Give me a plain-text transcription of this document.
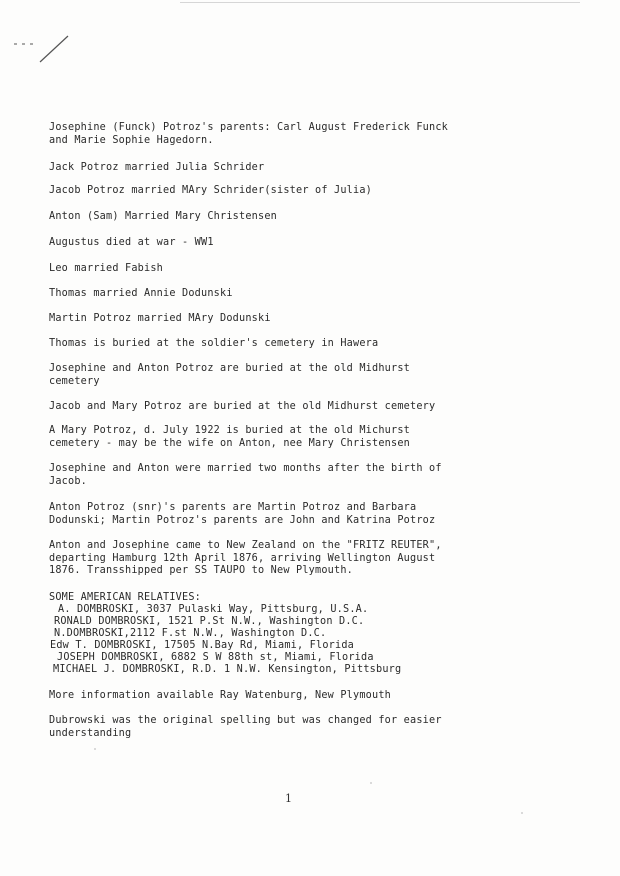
Josephine (Funck) Potroz's parents: Carl August Frederick Funck
and Marie Sophie Hagedorn.

Jack Potroz married Julia Schrider

Jacob Potroz married MAry Schrider(sister of Julia)

Anton (Sam) Married Mary Christensen

Augustus died at war - WW1

Leo married Fabish

Thomas married Annie Dodunski

Martin Potroz married MAry Dodunski

Thomas is buried at the soldier's cemetery in Hawera

Josephine and Anton Potroz are buried at the old Midhurst
cemetery

Jacob and Mary Potroz are buried at the old Midhurst cemetery

A Mary Potroz, d. July 1922 is buried at the old Michurst
cemetery - may be the wife on Anton, nee Mary Christensen

Josephine and Anton were married two months after the birth of
Jacob.

Anton Potroz (snr)'s parents are Martin Potroz and Barbara
Dodunski; Martin Potroz's parents are John and Katrina Potroz

Anton and Josephine came to New Zealand on the "FRITZ REUTER",
departing Hamburg 12th April 1876, arriving Wellington August
1876. Transshipped per SS TAUPO to New Plymouth.

SOME AMERICAN RELATIVES:

A. DOMBROSKI, 3037 Pulaski Way, Pittsburg, U.S.A.

RONALD DOMBROSKI, 1521 P.St N.W., Washington D.C.

N.DOMBROSKI,2112 F.st N.W., Washington D.C.

Edw T. DOMBROSKI, 17505 N.Bay Rd, Miami, Florida

JOSEPH DOMBROSKI, 6882 S W 88th st, Miami, Florida

MICHAEL J. DOMBROSKI, R.D. 1 N.W. Kensington, Pittsburg

More information available Ray Watenburg, New Plymouth

Dubrowski was the original spelling but was changed for easier
understanding

1
